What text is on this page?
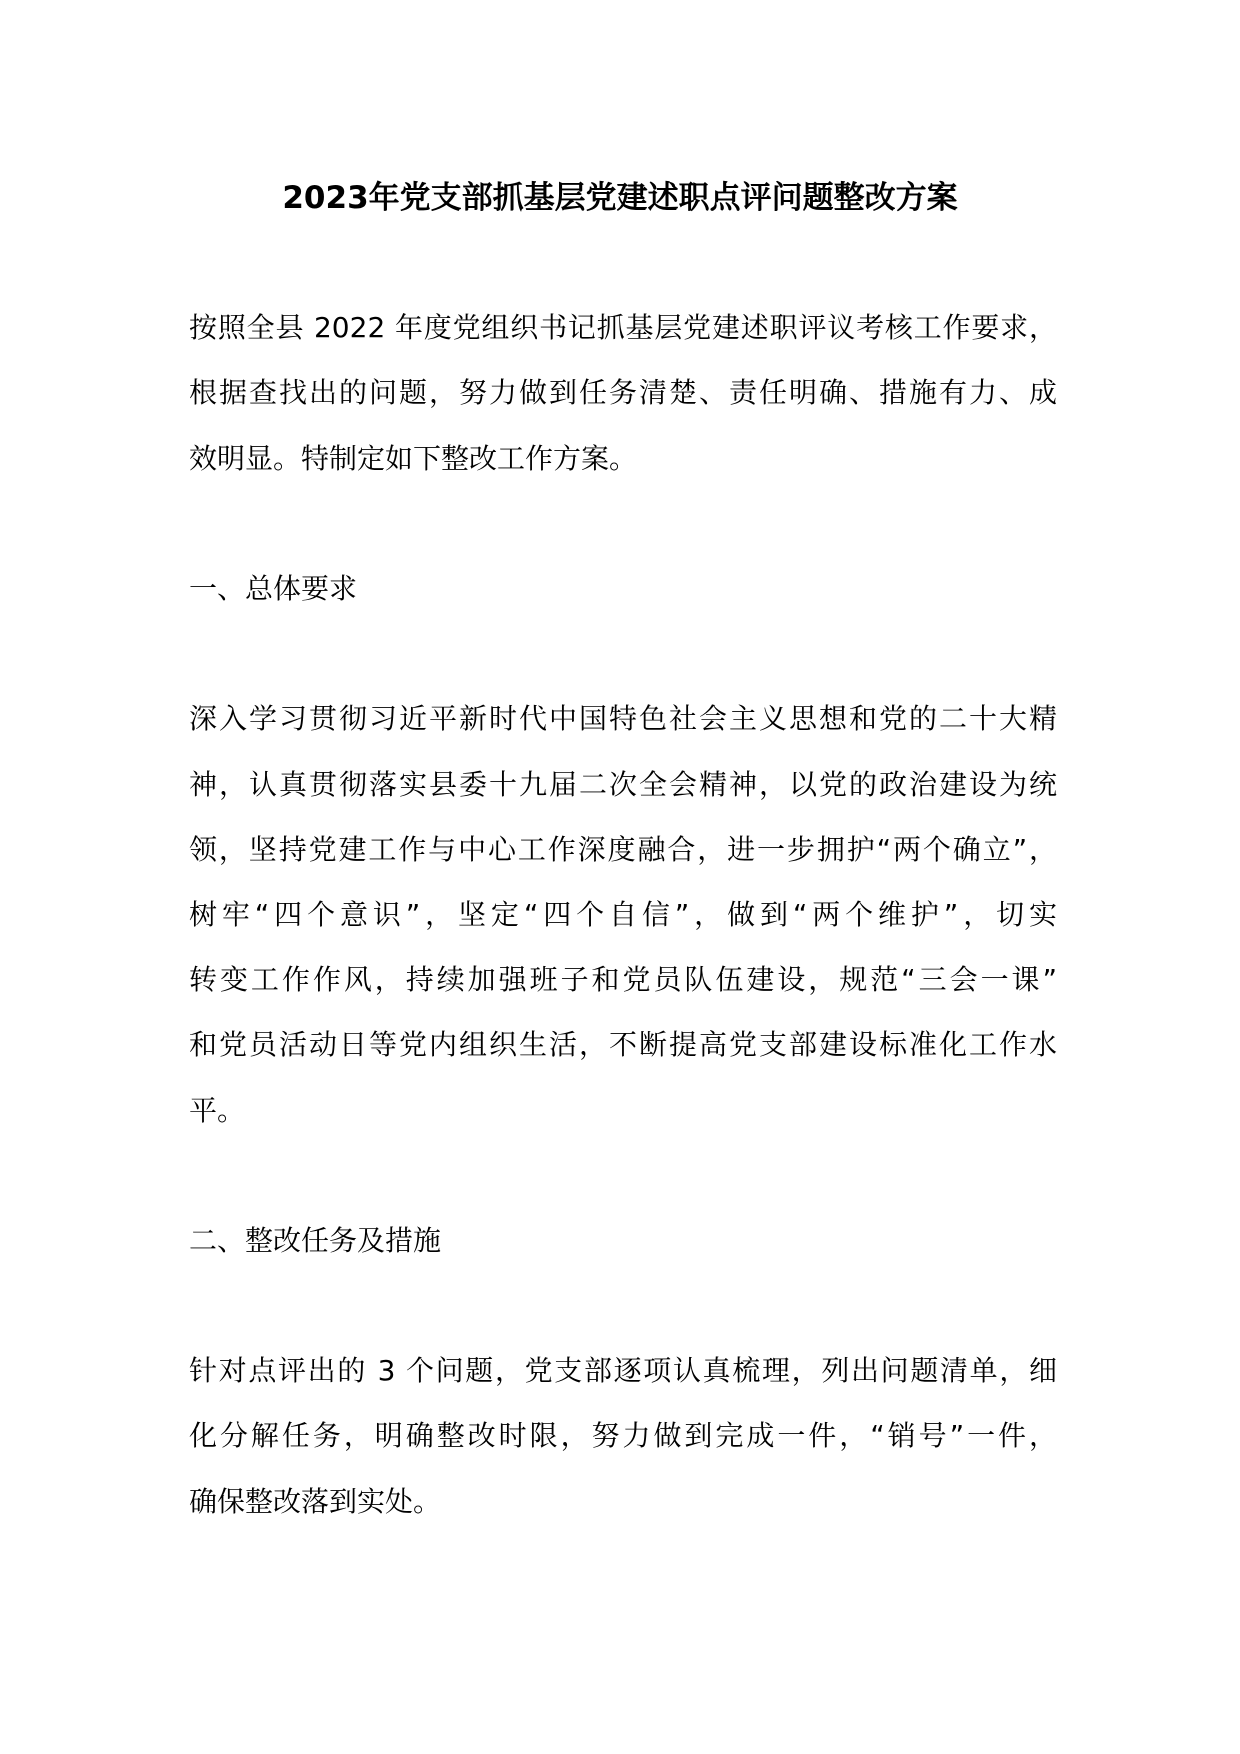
2023年党支部抓基层党建述职点评问题整改方案
按照全县 2022 年度党组织书记抓基层党建述职评议考核工作要求，
根据查找出的问题，努力做到任务清楚、责任明确、措施有力、成
效明显。特制定如下整改工作方案。
一、总体要求
深入学习贯彻习近平新时代中国特色社会主义思想和党的二十大精
神，认真贯彻落实县委十九届二次全会精神，以党的政治建设为统
领，坚持党建工作与中心工作深度融合，进一步拥护“两个确立”，
树牢“四个意识”，坚定“四个自信”，做到“两个维护”，切实
转变工作作风，持续加强班子和党员队伍建设，规范“三会一课”
和党员活动日等党内组织生活，不断提高党支部建设标准化工作水
平。
二、整改任务及措施
针对点评出的 3 个问题，党支部逐项认真梳理，列出问题清单，细
化分解任务，明确整改时限，努力做到完成一件，“销号”一件，
确保整改落到实处。
